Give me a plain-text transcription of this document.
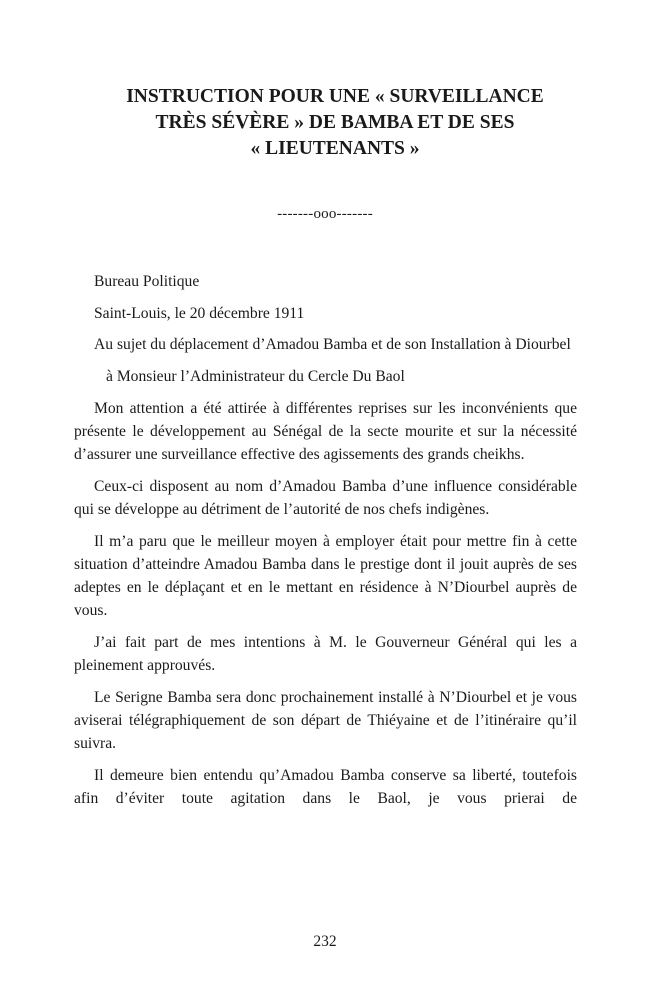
INSTRUCTION POUR UNE « SURVEILLANCE
TRÈS SÉVÈRE » DE BAMBA ET DE SES
« LIEUTENANTS »

-------ooo-------

Bureau Politique

Saint-Louis, le 20 décembre 1911

Au sujet du déplacement d’Amadou Bamba et de son Installation à Diourbel

à Monsieur l’Administrateur du Cercle Du Baol

Mon attention a été attirée à différentes reprises sur les inconvénients que présente le développement au Sénégal de la secte mourite et sur la nécessité d’assurer une surveillance effective des agissements des grands cheikhs.

Ceux-ci disposent au nom d’Amadou Bamba d’une influence considérable qui se développe au détriment de l’autorité de nos chefs indigènes.

Il m’a paru que le meilleur moyen à employer était pour mettre fin à cette situation d’atteindre Amadou Bamba dans le prestige dont il jouit auprès de ses adeptes en le déplaçant et en le mettant en résidence à N’Diourbel auprès de vous.

J’ai fait part de mes intentions à M. le Gouverneur Général qui les a pleinement approuvés.

Le Serigne Bamba sera donc prochainement installé à N’Diourbel et je vous aviserai télégraphiquement de son départ de Thiéyaine et de l’itinéraire qu’il suivra.

Il demeure bien entendu qu’Amadou Bamba conserve sa liberté, toutefois afin d’éviter toute agitation dans le Baol, je vous prierai de

232
